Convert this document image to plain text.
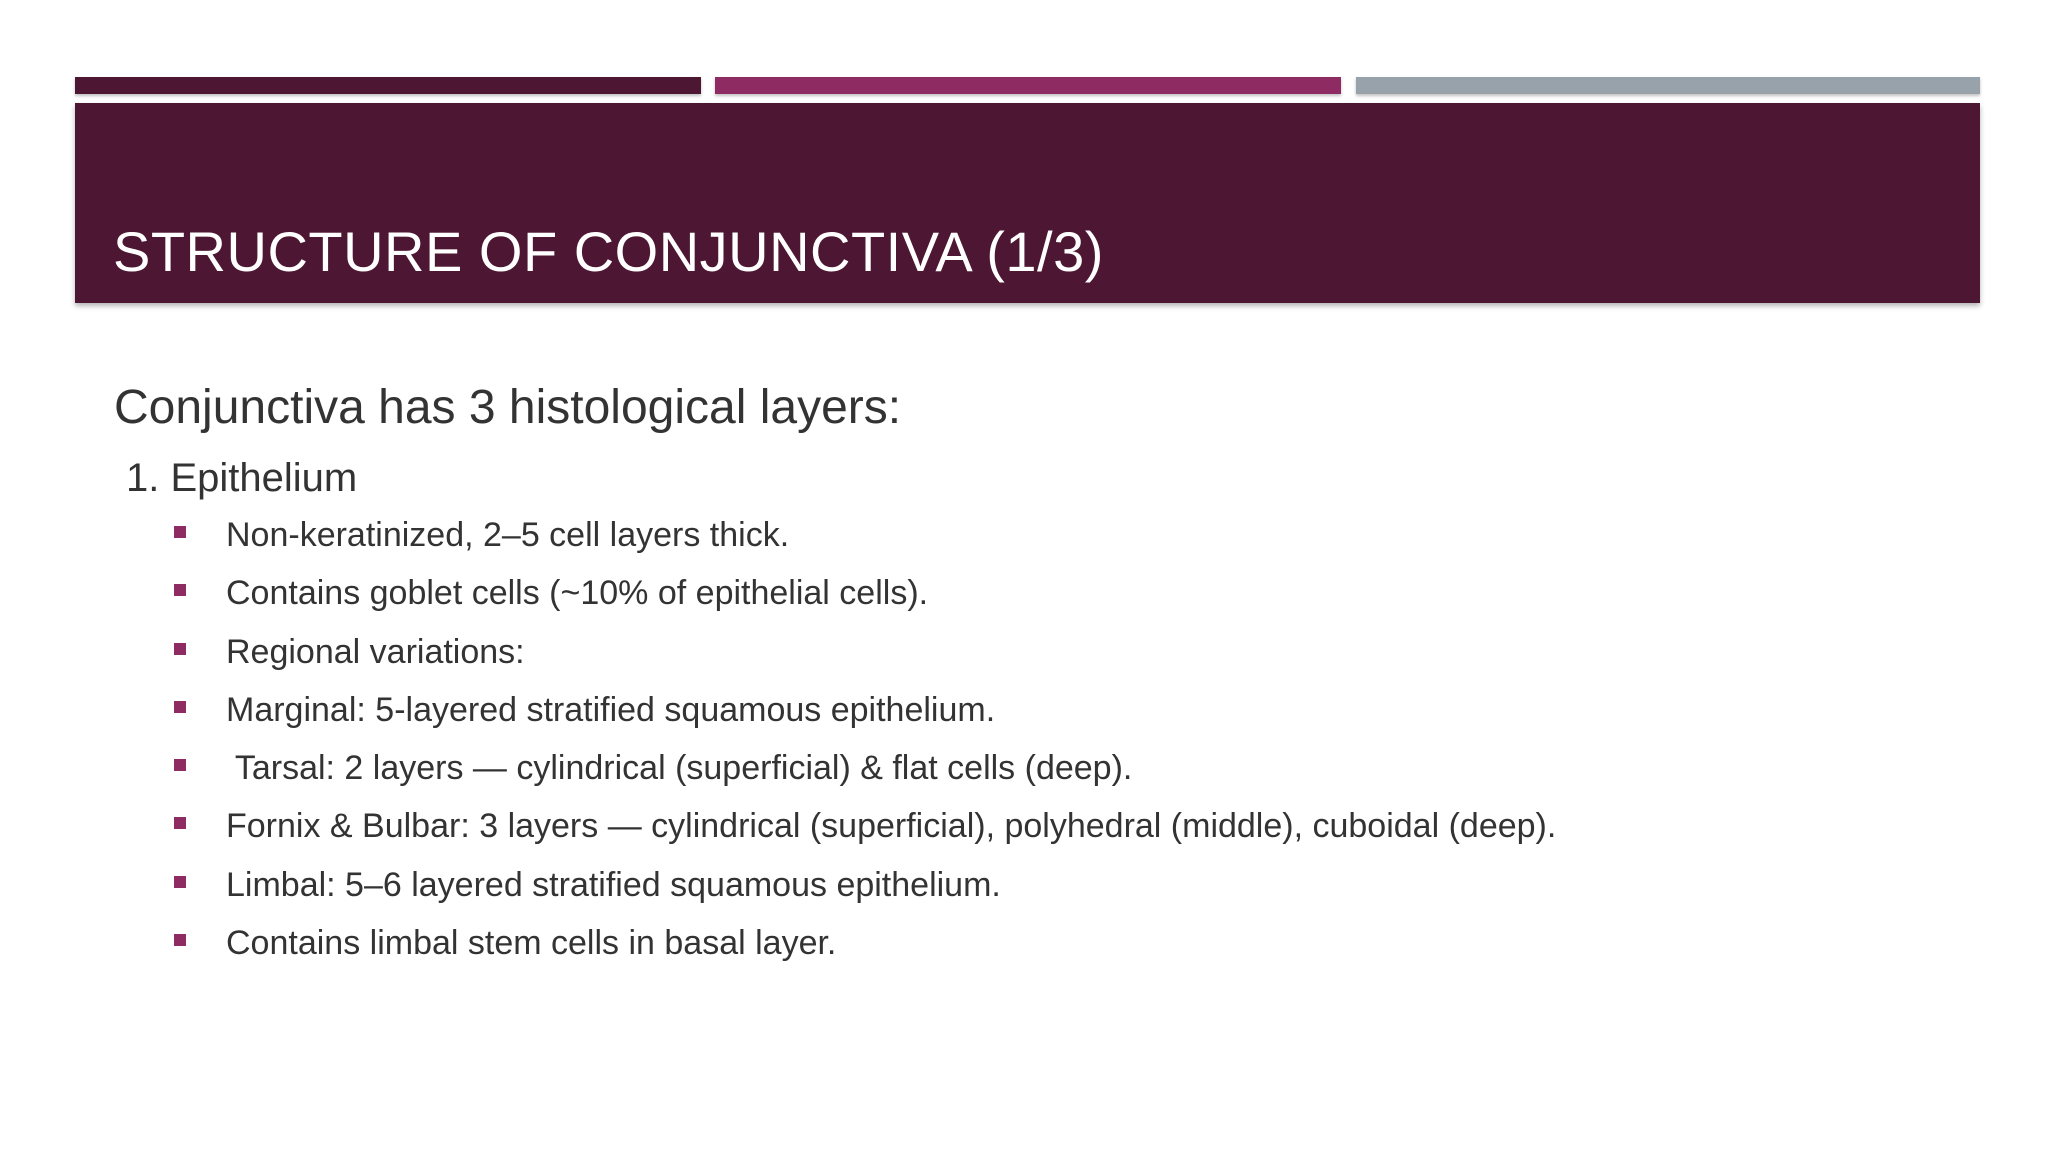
STRUCTURE OF CONJUNCTIVA (1/3)

Conjunctiva has 3 histological layers:

1. Epithelium

Non-keratinized, 2–5 cell layers thick.
Contains goblet cells (~10% of epithelial cells).
Regional variations:
Marginal: 5-layered stratified squamous epithelium.
Tarsal: 2 layers — cylindrical (superficial) & flat cells (deep).
Fornix & Bulbar: 3 layers — cylindrical (superficial), polyhedral (middle), cuboidal (deep).
Limbal: 5–6 layered stratified squamous epithelium.
Contains limbal stem cells in basal layer.
